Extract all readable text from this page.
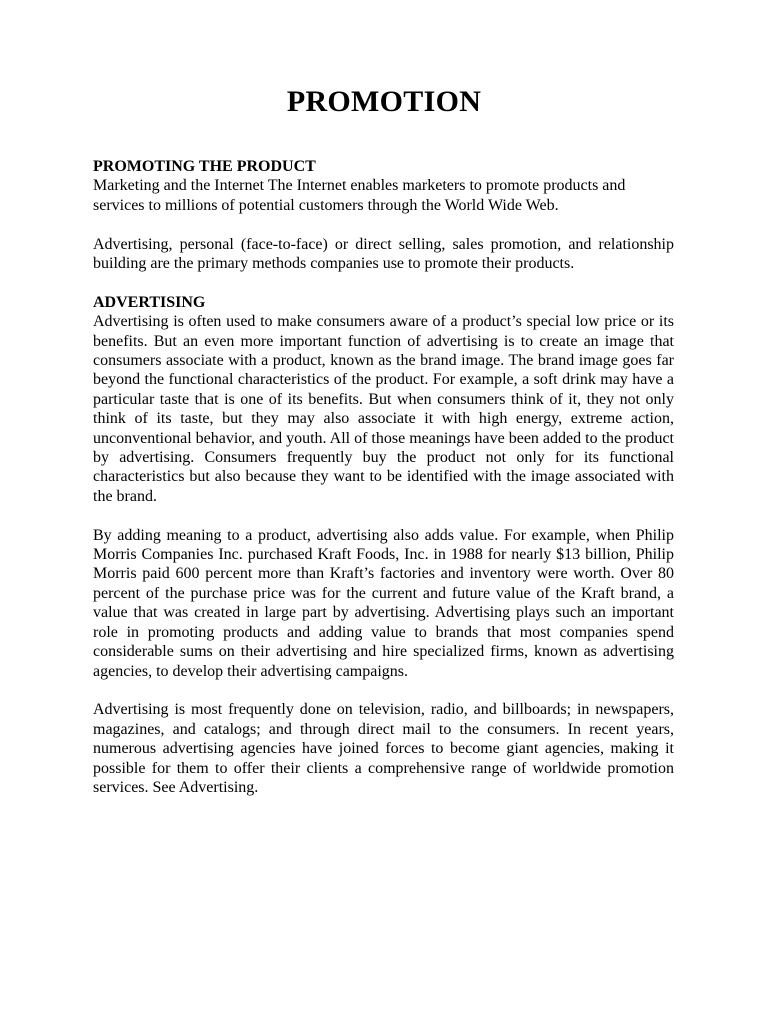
PROMOTION

PROMOTING THE PRODUCT

Marketing and the Internet The Internet enables marketers to promote products and services to millions of potential customers through the World Wide Web.

Advertising, personal (face-to-face) or direct selling, sales promotion, and relationship building are the primary methods companies use to promote their products.

ADVERTISING

Advertising is often used to make consumers aware of a product’s special low price or its benefits. But an even more important function of advertising is to create an image that consumers associate with a product, known as the brand image. The brand image goes far beyond the functional characteristics of the product. For example, a soft drink may have a particular taste that is one of its benefits. But when consumers think of it, they not only think of its taste, but they may also associate it with high energy, extreme action, unconventional behavior, and youth. All of those meanings have been added to the product by advertising. Consumers frequently buy the product not only for its functional characteristics but also because they want to be identified with the image associated with the brand.

By adding meaning to a product, advertising also adds value. For example, when Philip Morris Companies Inc. purchased Kraft Foods, Inc. in 1988 for nearly $13 billion, Philip Morris paid 600 percent more than Kraft’s factories and inventory were worth. Over 80 percent of the purchase price was for the current and future value of the Kraft brand, a value that was created in large part by advertising. Advertising plays such an important role in promoting products and adding value to brands that most companies spend considerable sums on their advertising and hire specialized firms, known as advertising agencies, to develop their advertising campaigns.

Advertising is most frequently done on television, radio, and billboards; in newspapers, magazines, and catalogs; and through direct mail to the consumers. In recent years, numerous advertising agencies have joined forces to become giant agencies, making it possible for them to offer their clients a comprehensive range of worldwide promotion services. See Advertising.
